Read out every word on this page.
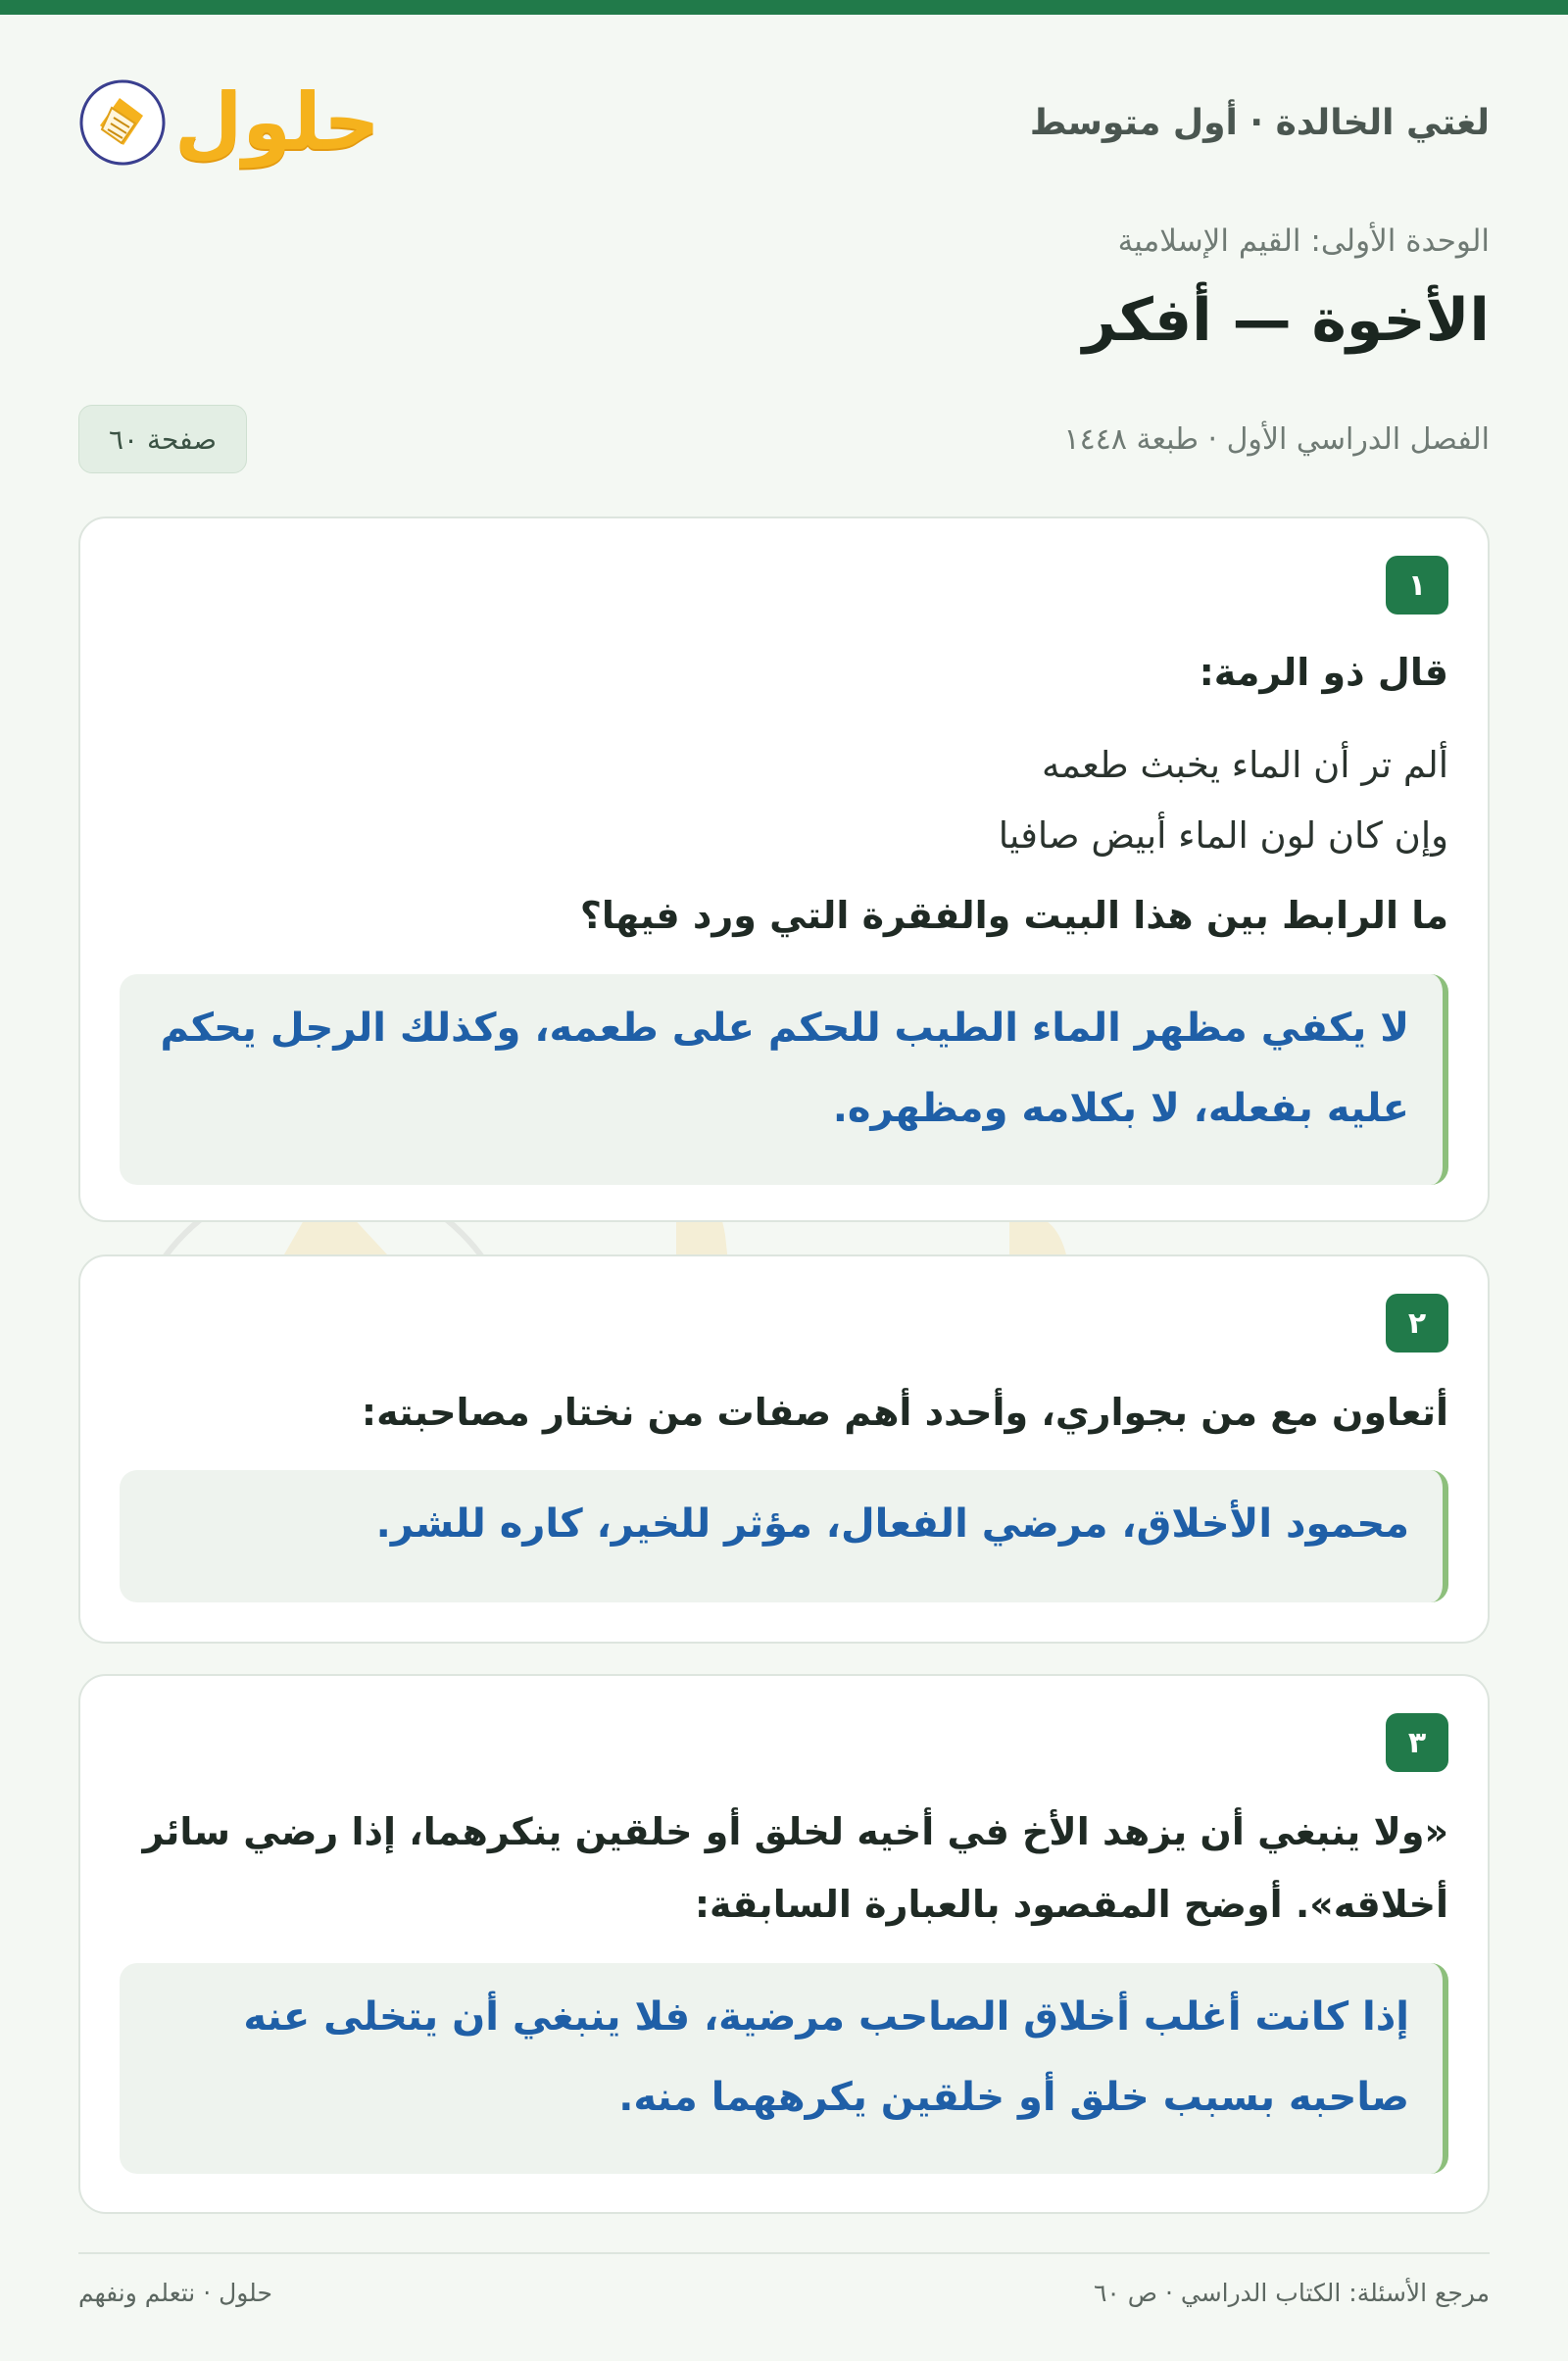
لغتي الخالدة · أول متوسط
حلول
الوحدة الأولى: القيم الإسلامية
الأخوة — أفكر
الفصل الدراسي الأول · طبعة ١٤٤٨
صفحة ٦٠
١
قال ذو الرمة:
ألم تر أن الماء يخبث طعمه
وإن كان لون الماء أبيض صافيا
ما الرابط بين هذا البيت والفقرة التي ورد فيها؟
لا يكفي مظهر الماء الطيب للحكم على طعمه، وكذلك الرجل يحكم عليه بفعله، لا بكلامه ومظهره.
٢
أتعاون مع من بجواري، وأحدد أهم صفات من نختار مصاحبته:
محمود الأخلاق، مرضي الفعال، مؤثر للخير، كاره للشر.
٣
«ولا ينبغي أن يزهد الأخ في أخيه لخلق أو خلقين ينكرهما، إذا رضي سائر أخلاقه». أوضح المقصود بالعبارة السابقة:
إذا كانت أغلب أخلاق الصاحب مرضية، فلا ينبغي أن يتخلى عنه صاحبه بسبب خلق أو خلقين يكرههما منه.
مرجع الأسئلة: الكتاب الدراسي · ص ٦٠
حلول · نتعلم ونفهم
